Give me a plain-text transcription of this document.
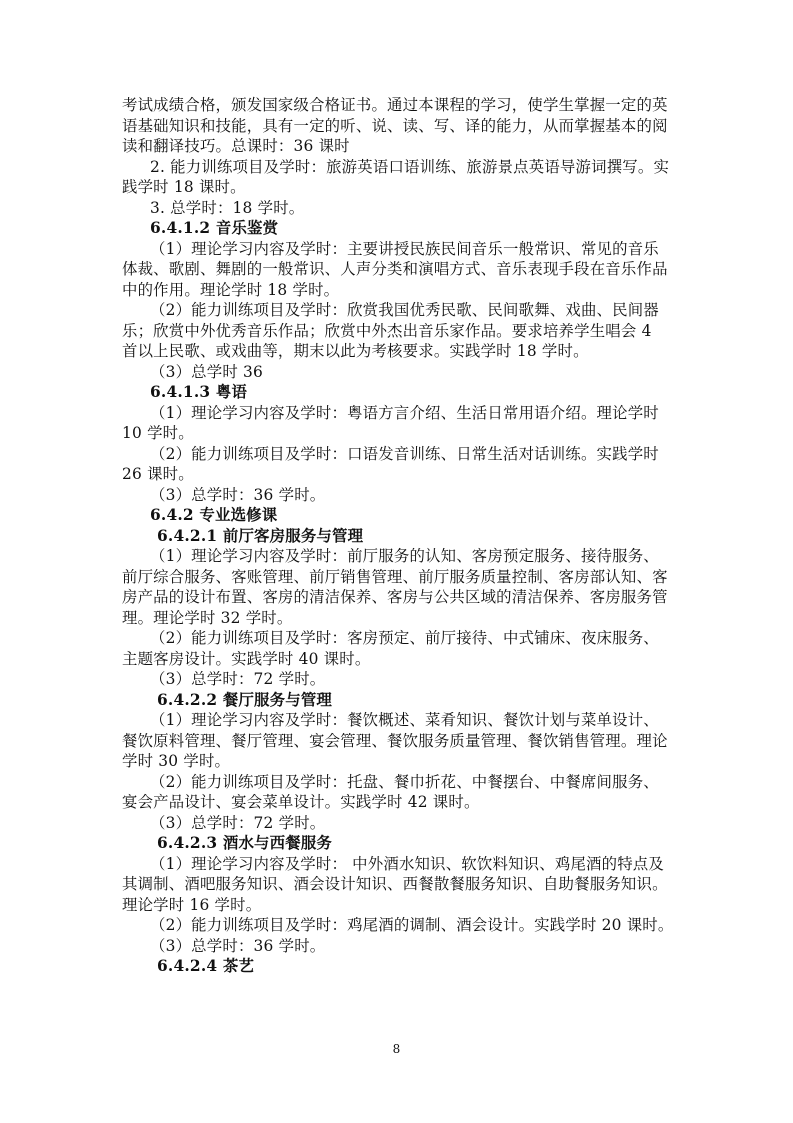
考试成绩合格，颁发国家级合格证书。通过本课程的学习，使学生掌握一定的英
语基础知识和技能，具有一定的听、说、读、写、译的能力，从而掌握基本的阅
读和翻译技巧。总课时：36 课时
2. 能力训练项目及学时：旅游英语口语训练、旅游景点英语导游词撰写。实
践学时 18 课时。
3. 总学时：18 学时。
6.4.1.2 音乐鉴赏
（1）理论学习内容及学时：主要讲授民族民间音乐一般常识、常见的音乐
体裁、歌剧、舞剧的一般常识、人声分类和演唱方式、音乐表现手段在音乐作品
中的作用。理论学时 18 学时。
（2）能力训练项目及学时：欣赏我国优秀民歌、民间歌舞、戏曲、民间器
乐；欣赏中外优秀音乐作品；欣赏中外杰出音乐家作品。要求培养学生唱会 4
首以上民歌、或戏曲等，期末以此为考核要求。实践学时 18 学时。
（3）总学时 36
6.4.1.3 粤语
（1）理论学习内容及学时：粤语方言介绍、生活日常用语介绍。理论学时
10 学时。
（2）能力训练项目及学时：口语发音训练、日常生活对话训练。实践学时
26 课时。
（3）总学时：36 学时。
6.4.2 专业选修课
6.4.2.1 前厅客房服务与管理
（1）理论学习内容及学时：前厅服务的认知、客房预定服务、接待服务、
前厅综合服务、客账管理、前厅销售管理、前厅服务质量控制、客房部认知、客
房产品的设计布置、客房的清洁保养、客房与公共区域的清洁保养、客房服务管
理。理论学时 32 学时。
（2）能力训练项目及学时：客房预定、前厅接待、中式铺床、夜床服务、
主题客房设计。实践学时 40 课时。
（3）总学时：72 学时。
6.4.2.2 餐厅服务与管理
（1）理论学习内容及学时：餐饮概述、菜肴知识、餐饮计划与菜单设计、
餐饮原料管理、餐厅管理、宴会管理、餐饮服务质量管理、餐饮销售管理。理论
学时 30 学时。
（2）能力训练项目及学时：托盘、餐巾折花、中餐摆台、中餐席间服务、
宴会产品设计、宴会菜单设计。实践学时 42 课时。
（3）总学时：72 学时。
6.4.2.3 酒水与西餐服务
（1）理论学习内容及学时： 中外酒水知识、软饮料知识、鸡尾酒的特点及
其调制、酒吧服务知识、酒会设计知识、西餐散餐服务知识、自助餐服务知识。
理论学时 16 学时。
（2）能力训练项目及学时：鸡尾酒的调制、酒会设计。实践学时 20 课时。
（3）总学时：36 学时。
6.4.2.4 茶艺
8
